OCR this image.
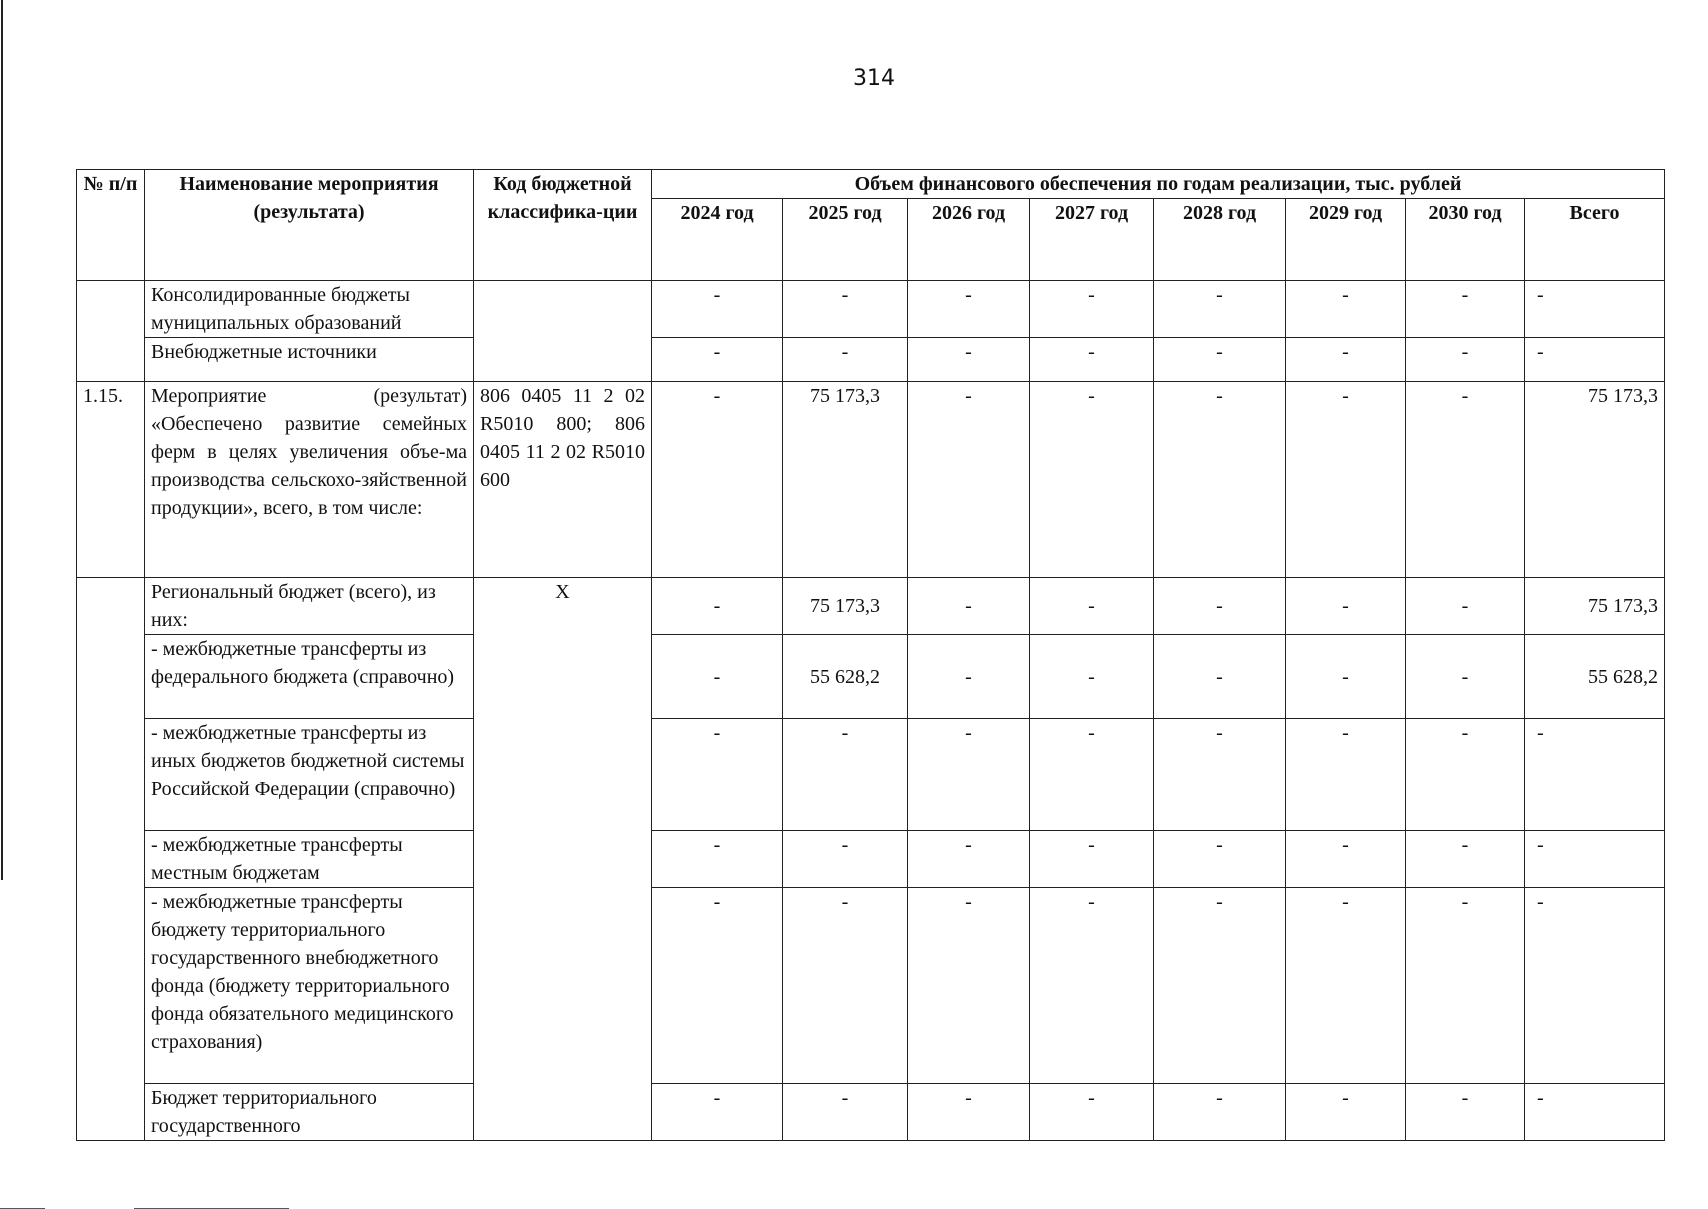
314
№ п/п	Наименование мероприятия (результата)	Код бюджетной классифика-ции	Объем финансового обеспечения по годам реализации, тыс. рублей							
			2024 год	2025 год	2026 год	2027 год	2028 год	2029 год	2030 год	Всего
	Консолидированные бюджеты муниципальных образований		-	-	-	-	-	-	-	-
	Внебюджетные источники		-	-	-	-	-	-	-	-
1.15.	Мероприятие (результат) «Обеспечено развитие семейных ферм в целях увеличения объе-ма производства сельскохо-зяйственной продукции», всего, в том числе:	806 0405 11 2 02 R5010 800; 806 0405 11 2 02 R5010 600	-	75 173,3	-	-	-	-	-	75 173,3
	Региональный бюджет (всего), из них:	X	-	75 173,3	-	-	-	-	-	75 173,3
	- межбюджетные трансферты из федерального бюджета (справочно)		-	55 628,2	-	-	-	-	-	55 628,2
	- межбюджетные трансферты из иных бюджетов бюджетной системы Российской Федерации (справочно)		-	-	-	-	-	-	-	-
	- межбюджетные трансферты местным бюджетам		-	-	-	-	-	-	-	-
	- межбюджетные трансферты бюджету территориального государственного внебюджетного фонда (бюджету территориального фонда обязательного медицинского страхования)		-	-	-	-	-	-	-	-
	Бюджет территориального государственного		-	-	-	-	-	-	-	-
